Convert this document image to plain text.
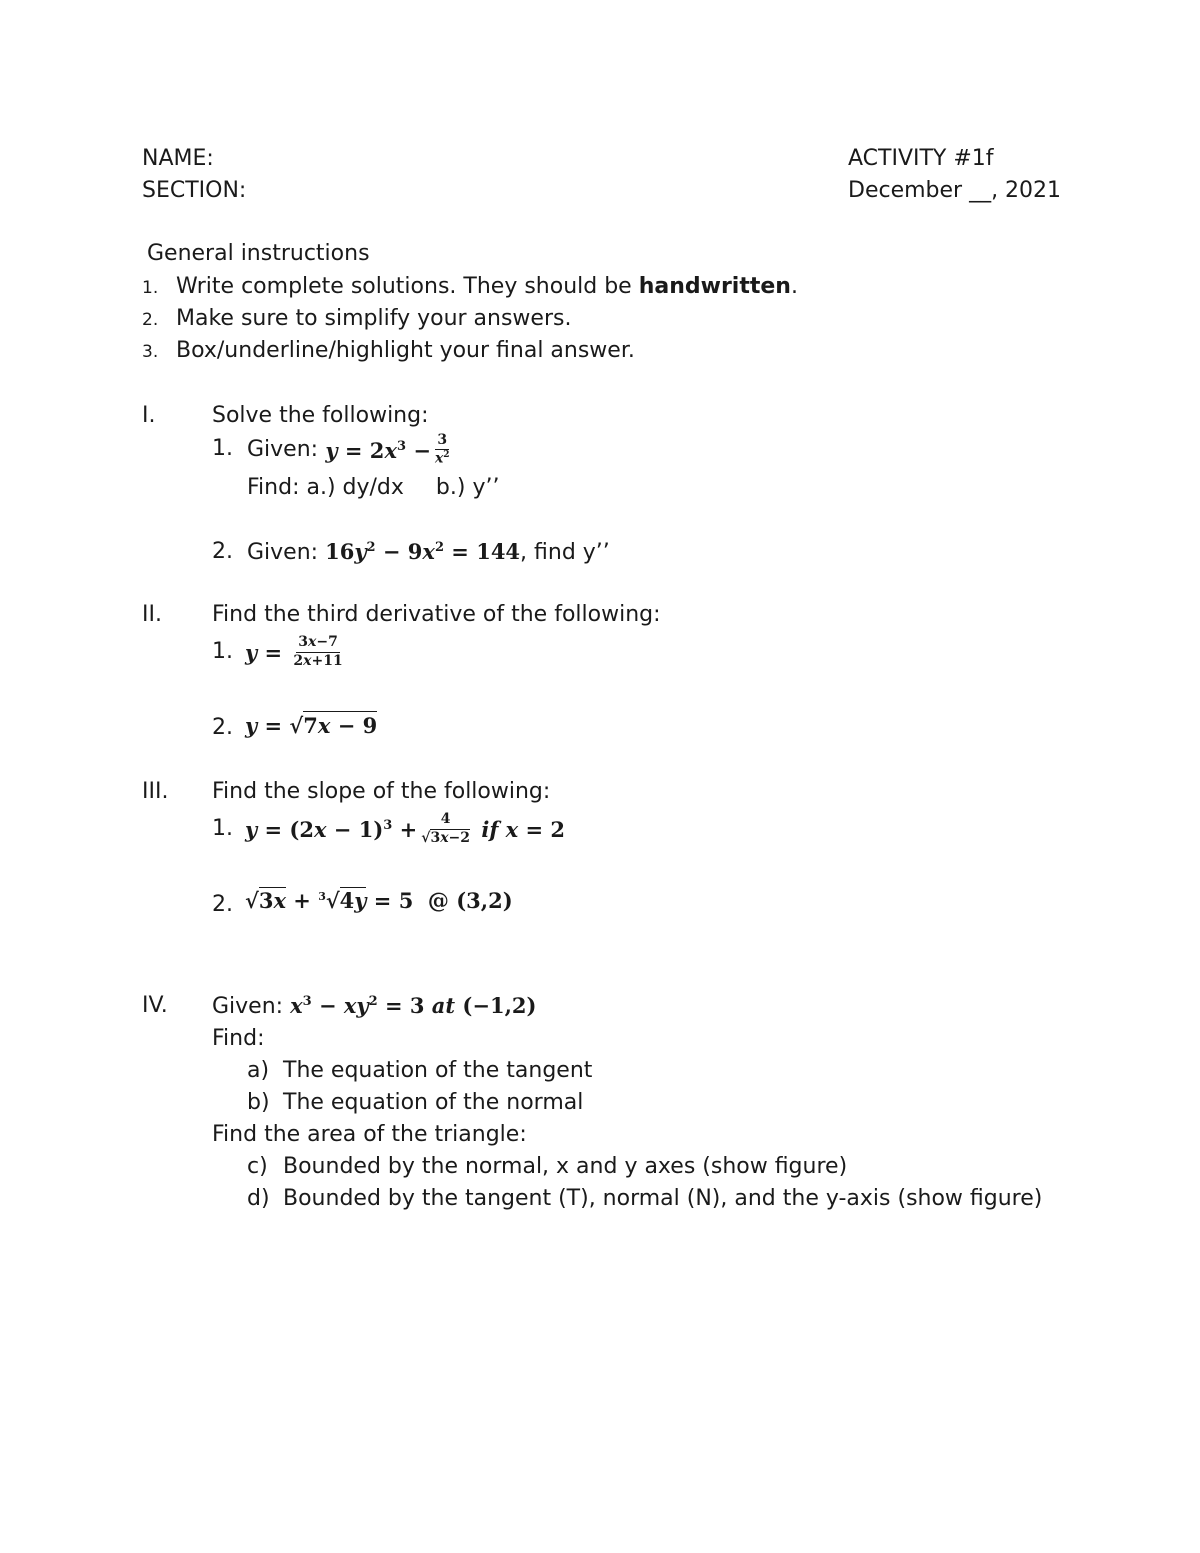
NAME:
SECTION:
ACTIVITY #1f
December __, 2021
General instructions
1. Write complete solutions. They should be handwritten.
2. Make sure to simplify your answers.
3. Box/underline/highlight your final answer.
I.	Solve the following:
1. Given: $y = 2x^3 - \frac{3}{x^2}$
Find: a.) dy/dx b.) y’’
2. Given: $16y^2 - 9x^2 = 144$, find y’’
II. Find the third derivative of the following:
1. $y = \frac{3x-7}{2x+11}$
2. y = √7x − 9
III. Find the slope of the following:
1. $y = (2x - 1)^3 + \frac{4}{√3x-2}$ if x = 2
2. √3x + $^3$√4y = 5  @ (3,2)
IV. Given: $x^3 - xy^2 = 3$ at (−1,2)
Find:
a) The equation of the tangent
b) The equation of the normal
Find the area of the triangle:
c) Bounded by the normal, x and y axes (show figure)
d) Bounded by the tangent (T), normal (N), and the y-axis (show figure)
